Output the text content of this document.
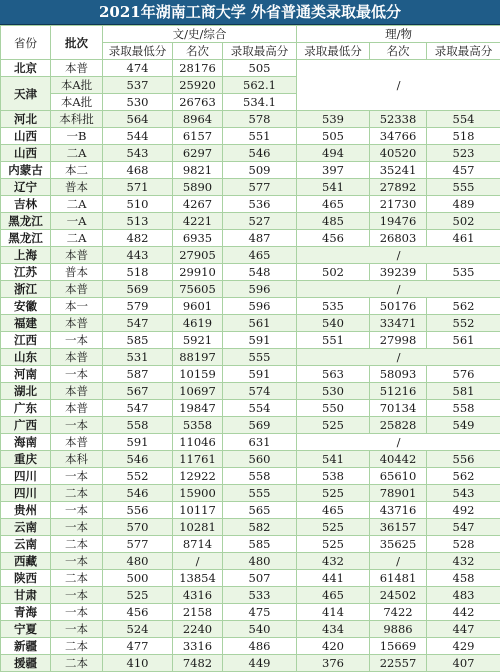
2021年湖南工商大学 外省普通类录取最低分
省份	批次	文/史/综合			理/物		
		录取最低分	名次	录取最高分	录取最低分	名次	录取最高分
北京	本普	474	28176	505	/		
天津	本A批	537	25920	562.1			
	本A批	530	26763	534.1			
河北	本科批	564	8964	578	539	52338	554
山西	一B	544	6157	551	505	34766	518
山西	二A	543	6297	546	494	40520	523
内蒙古	本二	468	9821	509	397	35241	457
辽宁	普本	571	5890	577	541	27892	555
吉林	二A	510	4267	536	465	21730	489
黑龙江	一A	513	4221	527	485	19476	502
黑龙江	二A	482	6935	487	456	26803	461
上海	本普	443	27905	465	/		
江苏	普本	518	29910	548	502	39239	535
浙江	本普	569	75605	596	/		
安徽	本一	579	9601	596	535	50176	562
福建	本普	547	4619	561	540	33471	552
江西	一本	585	5921	591	551	27998	561
山东	本普	531	88197	555	/		
河南	一本	587	10159	591	563	58093	576
湖北	本普	567	10697	574	530	51216	581
广东	本普	547	19847	554	550	70134	558
广西	一本	558	5358	569	525	25828	549
海南	本普	591	11046	631	/		
重庆	本科	546	11761	560	541	40442	556
四川	一本	552	12922	558	538	65610	562
四川	二本	546	15900	555	525	78901	543
贵州	一本	556	10117	565	465	43716	492
云南	一本	570	10281	582	525	36157	547
云南	二本	577	8714	585	525	35625	528
西藏	一本	480	/	480	432	/	432
陕西	二本	500	13854	507	441	61481	458
甘肃	一本	525	4316	533	465	24502	483
青海	一本	456	2158	475	414	7422	442
宁夏	一本	524	2240	540	434	9886	447
新疆	二本	477	3316	486	420	15669	429
援疆	二本	410	7482	449	376	22557	407
